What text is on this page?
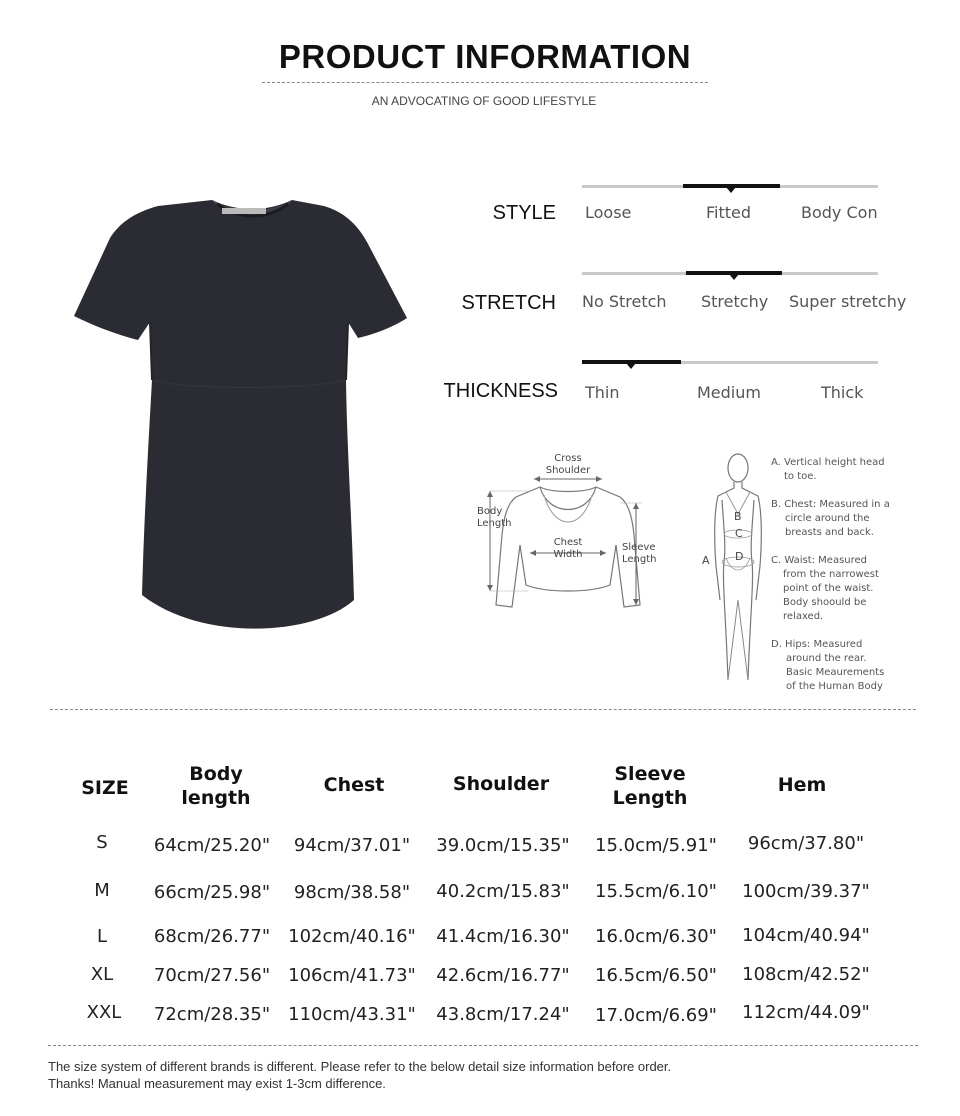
PRODUCT INFORMATION
AN ADVOCATING OF GOOD LIFESTYLE
STYLE Loose	Fitted	Body Con
STRETCH No Stretch Stretchy Super stretchy
THICKNESS Thin	Medium	Thick
Cross
Shoulder
Body
Length
Chest
Width
Sleeve
Length	A
B
C
D
A. Vertical height head
to toe.
B. Chest: Measured in a
circle around the
breasts and back.
C. Waist: Measured
from the narrowest
point of the waist.
Body shoould be
relaxed.
D. Hips: Measured
around the rear.
Basic Meaurements
of the Human Body
SIZE
Body
length
Chest	Shoulder	Sleeve
Length
Hem
S	64cm/25.20"	94cm/37.01"	39.0cm/15.35" 15.0cm/5.91"	96cm/37.80"
M	66cm/25.98"	98cm/38.58"	40.2cm/15.83" 15.5cm/6.10" 100cm/39.37"
L	68cm/26.77"	102cm/40.16" 41.4cm/16.30" 16.0cm/6.30" 104cm/40.94"
XL	70cm/27.56"	106cm/41.73" 42.6cm/16.77" 16.5cm/6.50" 108cm/42.52"
XXL	72cm/28.35"	110cm/43.31" 43.8cm/17.24" 17.0cm/6.69" 112cm/44.09"
The size system of different brands is different. Please refer to the below detail size information before order.
Thanks! Manual measurement may exist 1-3cm difference.
